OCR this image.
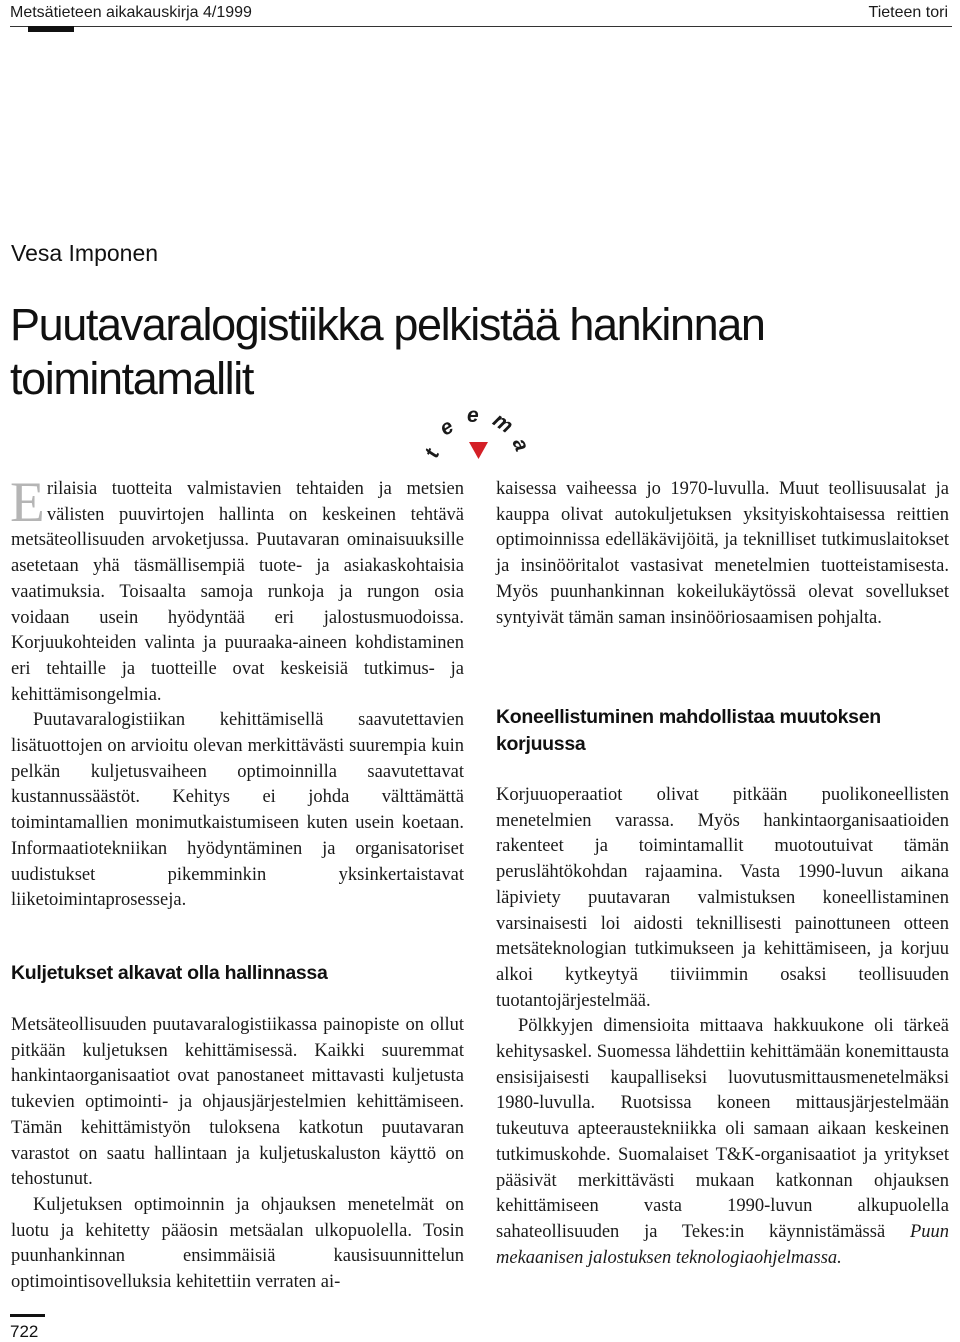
Metsätieteen aikakauskirja 4/1999	Tieteen tori
Vesa Imponen
Puutavaralogistiikka pelkistää hankinnan toimintamallit
t
e e m
a

Erilaisia tuotteita valmistavien tehtaiden ja metsien välisten puuvirtojen hallinta on keskeinen tehtävä metsäteollisuuden arvoketjussa. Puutavaran ominaisuuksille asetetaan yhä täsmällisempiä tuote- ja asiakaskohtaisia vaatimuksia. Toisaalta samoja runkoja ja rungon osia voidaan usein hyödyntää eri jalostusmuodoissa. Korjuukohteiden valinta ja puuraaka-aineen kohdistaminen eri tehtaille ja tuotteille ovat keskeisiä tutkimus- ja kehittämisongelmia.

Puutavaralogistiikan kehittämisellä saavutettavien lisätuottojen on arvioitu olevan merkittävästi suurempia kuin pelkän kuljetusvaiheen optimoinnilla saavutettavat kustannussäästöt. Kehitys ei johda välttämättä toimintamallien monimutkaistumiseen kuten usein koetaan. Informaatiotekniikan hyödyntäminen ja organisatoriset uudistukset pikemminkin yksinkertaistavat liiketoimintaprosesseja.

Kuljetukset alkavat olla hallinnassa

Metsäteollisuuden puutavaralogistiikassa painopiste on ollut pitkään kuljetuksen kehittämisessä. Kaikki suuremmat hankintaorganisaatiot ovat panostaneet mittavasti kuljetusta tukevien optimointi- ja ohjausjärjestelmien kehittämiseen. Tämän kehittämistyön tuloksena katkotun puutavaran varastot on saatu hallintaan ja kuljetuskaluston käyttö on tehostunut.

Kuljetuksen optimoinnin ja ohjauksen menetelmät on luotu ja kehitetty pääosin metsäalan ulkopuolella. Tosin puunhankinnan ensimmäisiä kausisuunnittelun optimointisovelluksia kehitettiin verraten ai-

kaisessa vaiheessa jo 1970-luvulla. Muut teollisuusalat ja kauppa olivat autokuljetuksen yksityiskohtaisessa reittien optimoinnissa edelläkävijöitä, ja teknilliset tutkimuslaitokset ja insinööritalot vastasivat menetelmien tuotteistamisesta. Myös puunhankinnan kokeilukäytössä olevat sovellukset syntyivät tämän saman insinööriosaamisen pohjalta.

Koneellistuminen mahdollistaa muutoksen korjuussa

Korjuuoperaatiot olivat pitkään puolikoneellisten menetelmien varassa. Myös hankintaorganisaatioiden rakenteet ja toimintamallit muotoutuivat tämän peruslähtökohdan rajaamina. Vasta 1990-luvun aikana läpiviety puutavaran valmistuksen koneellistaminen varsinaisesti loi aidosti teknillisesti painottuneen otteen metsäteknologian tutkimukseen ja kehittämiseen, ja korjuu alkoi kytkeytyä tiiviimmin osaksi teollisuuden tuotantojärjestelmää.

Pölkkyjen dimensioita mittaava hakkuukone oli tärkeä kehitysaskel. Suomessa lähdettiin kehittämään konemittausta ensisijaisesti kaupalliseksi luovutusmittausmenetelmäksi 1980-luvulla. Ruotsissa koneen mittausjärjestelmään tukeutuva apteeraustekniikka oli samaan aikaan keskeinen tutkimuskohde. Suomalaiset T&K-organisaatiot ja yritykset pääsivät merkittävästi mukaan katkonnan ohjauksen kehittämiseen vasta 1990-luvun alkupuolella sahateollisuuden ja Tekes:in käynnistämässä Puun mekaanisen jalostuksen teknologiaohjelmassa.

722
